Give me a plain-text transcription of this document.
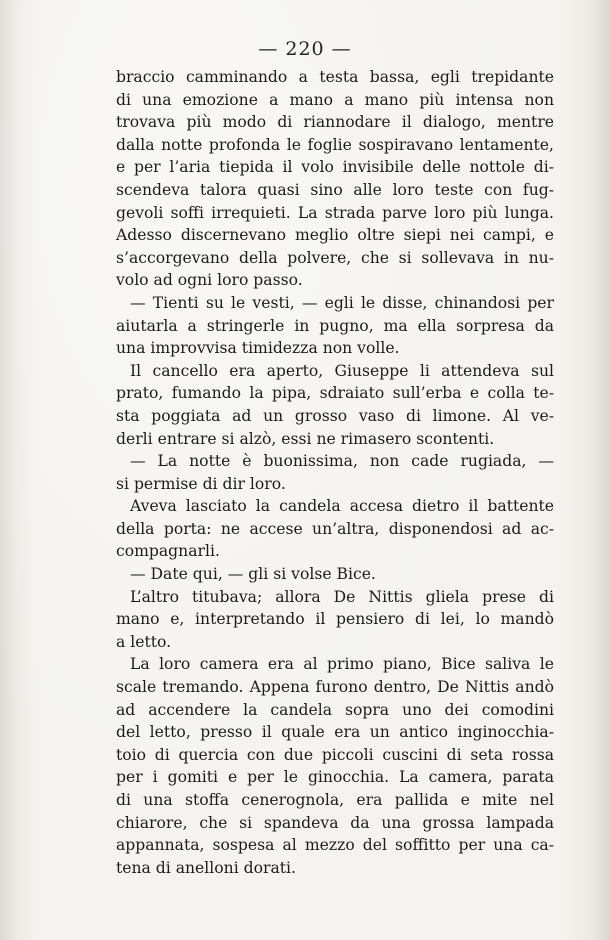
— 220 —
braccio camminando a testa bassa, egli trepidante
di una emozione a mano a mano più intensa non
trovava più modo di riannodare il dialogo, mentre
dalla notte profonda le foglie sospiravano lentamente,
e per l’aria tiepida il volo invisibile delle nottole di-
scendeva talora quasi sino alle loro teste con fug-
gevoli soffi irrequieti. La strada parve loro più lunga.
Adesso discernevano meglio oltre siepi nei campi, e
s’accorgevano della polvere, che si sollevava in nu-
volo ad ogni loro passo.
— Tienti su le vesti, — egli le disse, chinandosi per
aiutarla a stringerle in pugno, ma ella sorpresa da
una improvvisa timidezza non volle.
Il cancello era aperto, Giuseppe li attendeva sul
prato, fumando la pipa, sdraiato sull’erba e colla te-
sta poggiata ad un grosso vaso di limone. Al ve-
derli entrare si alzò, essi ne rimasero scontenti.
— La notte è buonissima, non cade rugiada, —
si permise di dir loro.
Aveva lasciato la candela accesa dietro il battente
della porta: ne accese un’altra, disponendosi ad ac-
compagnarli.
— Date qui, — gli si volse Bice.
L’altro titubava; allora De Nittis gliela prese di
mano e, interpretando il pensiero di lei, lo mandò
a letto.
La loro camera era al primo piano, Bice saliva le
scale tremando. Appena furono dentro, De Nittis andò
ad accendere la candela sopra uno dei comodini
del letto, presso il quale era un antico inginocchia-
toio di quercia con due piccoli cuscini di seta rossa
per i gomiti e per le ginocchia. La camera, parata
di una stoffa cenerognola, era pallida e mite nel
chiarore, che si spandeva da una grossa lampada
appannata, sospesa al mezzo del soffitto per una ca-
tena di anelloni dorati.
